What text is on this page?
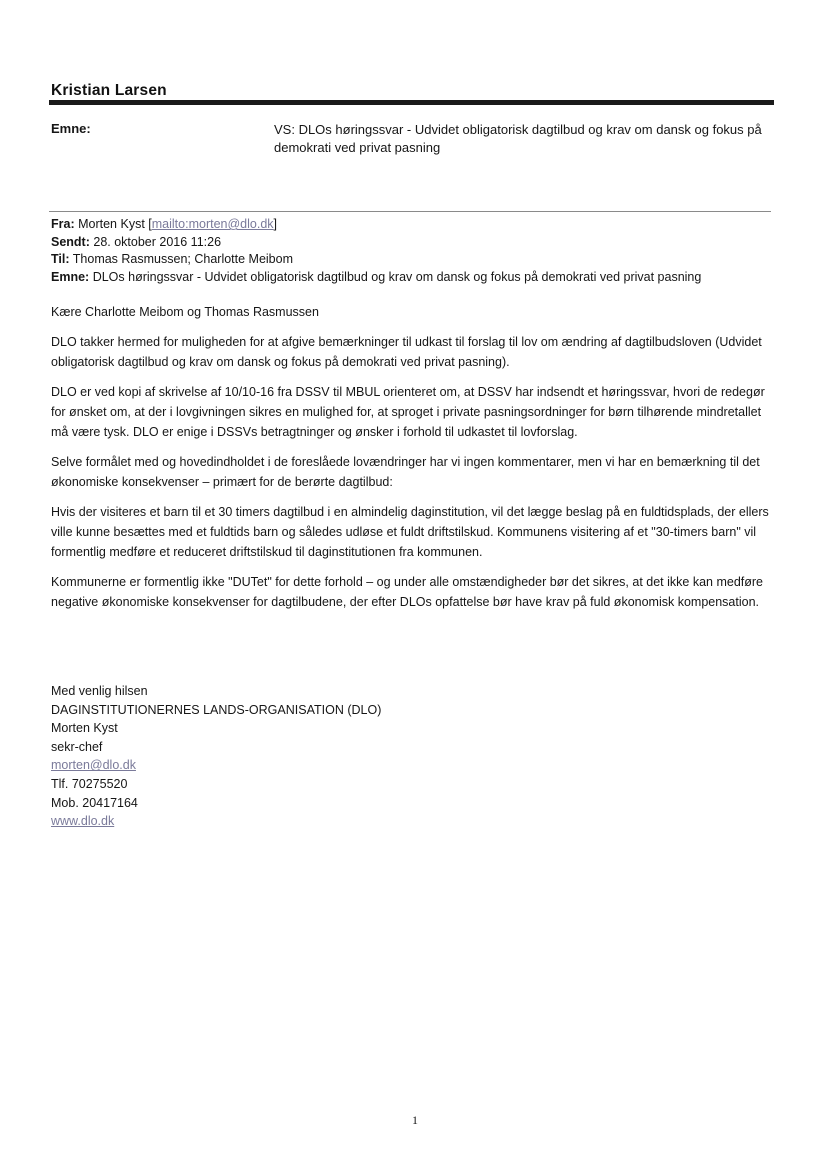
Kristian Larsen
Emne:	VS: DLOs høringssvar - Udvidet obligatorisk dagtilbud og krav om dansk og fokus på demokrati ved privat pasning
Fra: Morten Kyst [mailto:morten@dlo.dk]
Sendt: 28. oktober 2016 11:26
Til: Thomas Rasmussen; Charlotte Meibom
Emne: DLOs høringssvar - Udvidet obligatorisk dagtilbud og krav om dansk og fokus på demokrati ved privat pasning

Kære Charlotte Meibom og Thomas Rasmussen

DLO takker hermed for muligheden for at afgive bemærkninger til udkast til forslag til lov om ændring af dagtilbudsloven (Udvidet obligatorisk dagtilbud og krav om dansk og fokus på demokrati ved privat pasning).

DLO er ved kopi af skrivelse af 10/10-16 fra DSSV til MBUL orienteret om, at DSSV har indsendt et høringssvar, hvori de redegør for ønsket om, at der i lovgivningen sikres en mulighed for, at sproget i private pasningsordninger for børn tilhørende mindretallet må være tysk. DLO er enige i DSSVs betragtninger og ønsker i forhold til udkastet til lovforslag.

Selve formålet med og hovedindholdet i de foreslåede lovændringer har vi ingen kommentarer, men vi har en bemærkning til det økonomiske konsekvenser – primært for de berørte dagtilbud:

Hvis der visiteres et barn til et 30 timers dagtilbud i en almindelig daginstitution, vil det lægge beslag på en fuldtidsplads, der ellers ville kunne besættes med et fuldtids barn og således udløse et fuldt driftstilskud. Kommunens visitering af et "30-timers barn" vil formentlig medføre et reduceret driftstilskud til daginstitutionen fra kommunen.

Kommunerne er formentlig ikke "DUTet" for dette forhold – og under alle omstændigheder bør det sikres, at det ikke kan medføre negative økonomiske konsekvenser for dagtilbudene, der efter DLOs opfattelse bør have krav på fuld økonomisk kompensation.

Med venlig hilsen
DAGINSTITUTIONERNES LANDS-ORGANISATION (DLO)
Morten Kyst
sekr-chef
morten@dlo.dk
Tlf. 70275520
Mob. 20417164
www.dlo.dk
1
